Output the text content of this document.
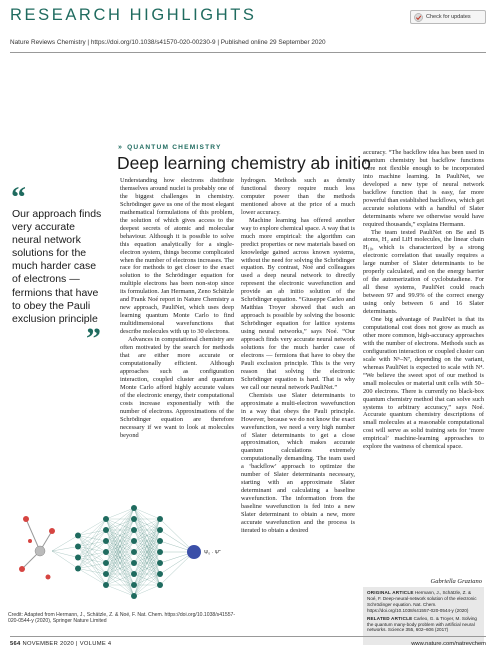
RESEARCH HIGHLIGHTS	Check for updates
Nature Reviews Chemistry | https://doi.org/10.1038/s41570-020-00230-9 | Published online 29 September 2020
» QUANTUM CHEMISTRY
Deep learning chemistry ab initio
“
Our approach finds very accurate neural network solutions for the much harder case of electrons — fermions that have to obey the Pauli exclusion principle
”

Understanding how electrons distribute themselves around nuclei is probably one of the biggest challenges in chemistry. Schrödinger gave us one of the most elegant mathematical formulations of this problem, the solution of which gives access to the deepest secrets of atomic and molecular behaviour. Although it is possible to solve this equation analytically for a single-electron system, things become complicated when the number of electrons increases. The race for methods to get closer to the exact solution to the Schrödinger equation for multiple electrons has been non-stop since its formulation. Jan Hermann, Zeno Schätzle and Frank Noé report in Nature Chemistry a new approach, PauliNet, which uses deep learning quantum Monte Carlo to find multidimensional wavefunctions that describe molecules with up to 30 electrons.

Advances in computational chemistry are often motivated by the search for methods that are either more accurate or computationally efficient. Although approaches such as configuration interaction, coupled cluster and quantum Monte Carlo afford highly accurate values of the electronic energy, their computational costs increase exponentially with the number of electrons. Approximations of the Schrödinger equation are therefore necessary if we want to look at molecules beyond

hydrogen. Methods such as density functional theory require much less computer power than the methods mentioned above at the price of a much lower accuracy.

Machine learning has offered another way to explore chemical space. A way that is much more empirical: the algorithm can predict properties or new materials based on knowledge gained across known systems, without the need for solving the Schrödinger equation. By contrast, Noé and colleagues used a deep neural network to directly represent the electronic wavefunction and provide an ab initio solution of the Schrödinger equation. “Giuseppe Carleo and Matthias Troyer showed that such an approach is possible by solving the bosonic Schrödinger equation for lattice systems using neural networks,” says Noé. “Our approach finds very accurate neural network solutions for the much harder case of electrons — fermions that have to obey the Pauli exclusion principle. This is the very reason that solving the electronic Schrödinger equation is hard. That is why we call our neural network PauliNet.”

Chemists use Slater determinants to approximate a multi-electron wavefunction in a way that obeys the Pauli principle. However, because we do not know the exact wavefunction, we need a very high number of Slater determinants to get a close approximation, which makes accurate quantum calculations extremely computationally demanding. The team used a ‘backflow’ approach to optimize the number of Slater determinants necessary, starting with an approximate Slater determinant and calculating a baseline wavefunction. The information from the baseline wavefunction is fed into a new Slater determinant to obtain a new, more accurate wavefunction and the process is iterated to obtain a desired

accuracy. “The backflow idea has been used in quantum chemistry but backflow functions were not flexible enough to be incorporated into machine learning. In PauliNet, we developed a new type of neural network backflow function that is easy, far more powerful than established backflows, which get accurate solutions with a handful of Slater determinants where we otherwise would have required thousands,” explains Hermann.

The team tested PauliNet on Be and B atoms, H₂ and LiH molecules, the linear chain H₁₀, which is characterized by a strong electronic correlation that usually requires a large number of Slater determinants to be properly calculated, and on the energy barrier of the automerization of cyclobutadiene. For all these systems, PauliNet could reach between 97 and 99.9% of the correct energy using only between 6 and 16 Slater determinants.

One big advantage of PauliNet is that its computational cost does not grow as much as other more common, high-accuracy approaches with the number of electrons. Methods such as configuration interaction or coupled cluster can scale with N⁶–N⁷, depending on the variant, whereas PauliNet is expected to scale with N⁴. “We believe the sweet spot of our method is small molecules or material unit cells with 50–200 electrons. There is currently no black-box quantum chemistry method that can solve such systems to arbitrary accuracy,” says Noé. Accurate quantum chemistry descriptions of small molecules at a reasonable computational cost will serve as solid training sets for ‘more empirical’ machine-learning approaches to explore the vastness of chemical space.

Gabriella Graziano
ORIGINAL ARTICLE Hermann, J., Schätzle, Z. & Noé, F. Deep-neural-network solution of the electronic Schrödinger equation. Nat. Chem. https://doi.org/10.1038/s41557-020-0544-y (2020)
RELATED ARTICLE Carleo, G. & Troyer, M. Solving the quantum many-body problem with artificial neural networks. Science 355, 602–606 (2017)
Ψ₀ · Ψ̃
Credit: Adapted from Hermann, J., Schätzle, Z. & Noé, F. Nat. Chem. https://doi.org/10.1038/s41557-020-0544-y (2020), Springer Nature Limited
564 NOVEMBER 2020 | VOLUME 4	www.nature.com/natrevchem
